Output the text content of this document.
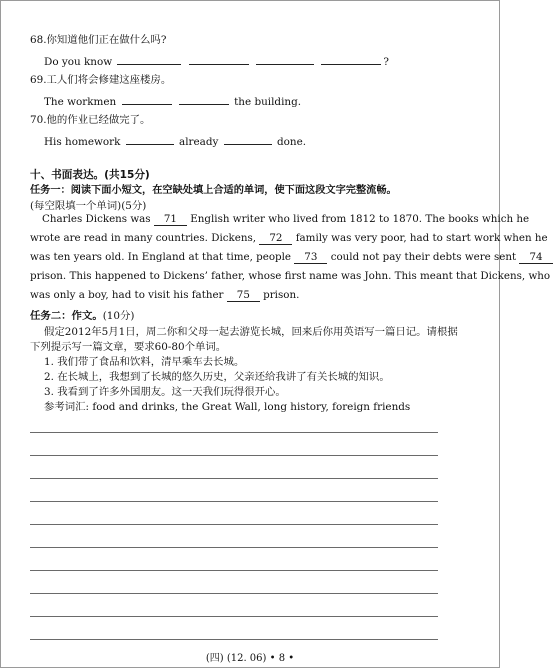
68.你知道他们正在做什么吗?
Do you know	?
69.工人们将会修建这座楼房。
The workmen	the building.
70.他的作业已经做完了。
His homework	already	done.
十、书面表达。(共15分)
任务一：阅读下面小短文，在空缺处填上合适的单词，使下面这段文字完整流畅。
(每空限填一个单词)(5分)
Charles Dickens was 71 English writer who lived from 1812 to 1870. The books which he
wrote are read in many countries. Dickens, 72 family was very poor, had to start work when he
was ten years old. In England at that time, people 73 could not pay their debts were sent 74
prison. This happened to Dickens’ father, whose first name was John. This meant that Dickens, who
was only a boy, had to visit his father 75 prison.
任务二：作文。(10分)
假定2012年5月1日，周二你和父母一起去游览长城，回来后你用英语写一篇日记。请根据
下列提示写一篇文章，要求60-80个单词。
1. 我们带了食品和饮料，清早乘车去长城。
2. 在长城上，我想到了长城的悠久历史，父亲还给我讲了有关长城的知识。
3. 我看到了许多外国朋友。这一天我们玩得很开心。
参考词汇: food and drinks, the Great Wall, long history, foreign friends
(四) (12. 06) • 8 •
